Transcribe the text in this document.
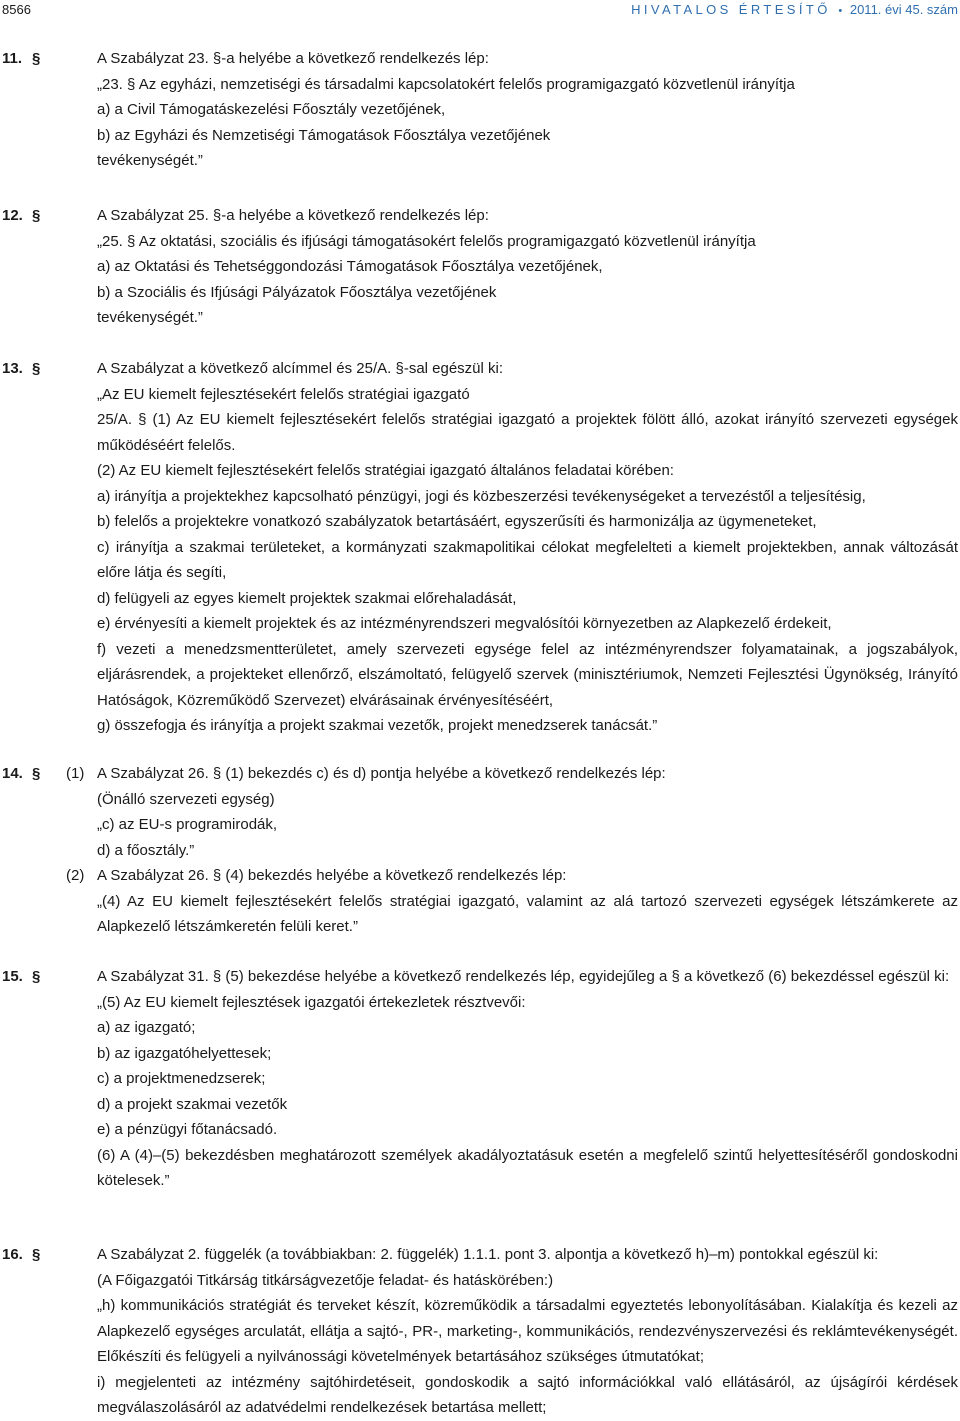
8566	HIVATALOS ÉRTESÍTŐ • 2011. évi 45. szám
11. §	A Szabályzat 23. §-a helyébe a következő rendelkezés lép:

„23. § Az egyházi, nemzetiségi és társadalmi kapcsolatokért felelős programigazgató közvetlenül irányítja

a) a Civil Támogatáskezelési Főosztály vezetőjének,

b) az Egyházi és Nemzetiségi Támogatások Főosztálya vezetőjének

tevékenységét.”

12. §	A Szabályzat 25. §-a helyébe a következő rendelkezés lép:

„25. § Az oktatási, szociális és ifjúsági támogatásokért felelős programigazgató közvetlenül irányítja

a) az Oktatási és Tehetséggondozási Támogatások Főosztálya vezetőjének,

b) a Szociális és Ifjúsági Pályázatok Főosztálya vezetőjének

tevékenységét.”

13. §	A Szabályzat a következő alcímmel és 25/A. §-sal egészül ki:

„Az EU kiemelt fejlesztésekért felelős stratégiai igazgató

25/A. § (1) Az EU kiemelt fejlesztésekért felelős stratégiai igazgató a projektek fölött álló, azokat irányító szervezeti egységek működéséért felelős.

(2) Az EU kiemelt fejlesztésekért felelős stratégiai igazgató általános feladatai körében:

a) irányítja a projektekhez kapcsolható pénzügyi, jogi és közbeszerzési tevékenységeket a tervezéstől a teljesítésig,

b) felelős a projektekre vonatkozó szabályzatok betartásáért, egyszerűsíti és harmonizálja az ügymeneteket,

c) irányítja a szakmai területeket, a kormányzati szakmapolitikai célokat megfelelteti a kiemelt projektekben, annak változását előre látja és segíti,

d) felügyeli az egyes kiemelt projektek szakmai előrehaladását,

e) érvényesíti a kiemelt projektek és az intézményrendszeri megvalósítói környezetben az Alapkezelő érdekeit,

f) vezeti a menedzsmentterületet, amely szervezeti egysége felel az intézményrendszer folyamatainak, a jogszabályok, eljárásrendek, a projekteket ellenőrző, elszámoltató, felügyelő szervek (minisztériumok, Nemzeti Fejlesztési Ügynökség, Irányító Hatóságok, Közreműködő Szervezet) elvárásainak érvényesítéséért,

g) összefogja és irányítja a projekt szakmai vezetők, projekt menedzserek tanácsát.”

14. § (1) A Szabályzat 26. § (1) bekezdés c) és d) pontja helyébe a következő rendelkezés lép:

(Önálló szervezeti egység)

„c) az EU-s programirodák,

d) a főosztály.”

(2) A Szabályzat 26. § (4) bekezdés helyébe a következő rendelkezés lép:

„(4) Az EU kiemelt fejlesztésekért felelős stratégiai igazgató, valamint az alá tartozó szervezeti egységek létszámkerete az Alapkezelő létszámkeretén felüli keret.”

15. §	A Szabályzat 31. § (5) bekezdése helyébe a következő rendelkezés lép, egyidejűleg a § a következő (6) bekezdéssel egészül ki:

„(5) Az EU kiemelt fejlesztések igazgatói értekezletek résztvevői:

a) az igazgató;

b) az igazgatóhelyettesek;

c) a projektmenedzserek;

d) a projekt szakmai vezetők

e) a pénzügyi főtanácsadó.

(6) A (4)–(5) bekezdésben meghatározott személyek akadályoztatásuk esetén a megfelelő szintű helyettesítéséről gondoskodni kötelesek.”

16. §	A Szabályzat 2. függelék (a továbbiakban: 2. függelék) 1.1.1. pont 3. alpontja a következő h)–m) pontokkal egészül ki:

(A Főigazgatói Titkárság titkárságvezetője feladat- és hatáskörében:)

„h) kommunikációs stratégiát és terveket készít, közreműködik a társadalmi egyeztetés lebonyolításában. Kialakítja és kezeli az Alapkezelő egységes arculatát, ellátja a sajtó-, PR-, marketing-, kommunikációs, rendezvényszervezési és reklámtevékenységét. Előkészíti és felügyeli a nyilvánossági követelmények betartásához szükséges útmutatókat;

i) megjelenteti az intézmény sajtóhirdetéseit, gondoskodik a sajtó információkkal való ellátásáról, az újságírói kérdések megválaszolásáról az adatvédelmi rendelkezések betartása mellett;
